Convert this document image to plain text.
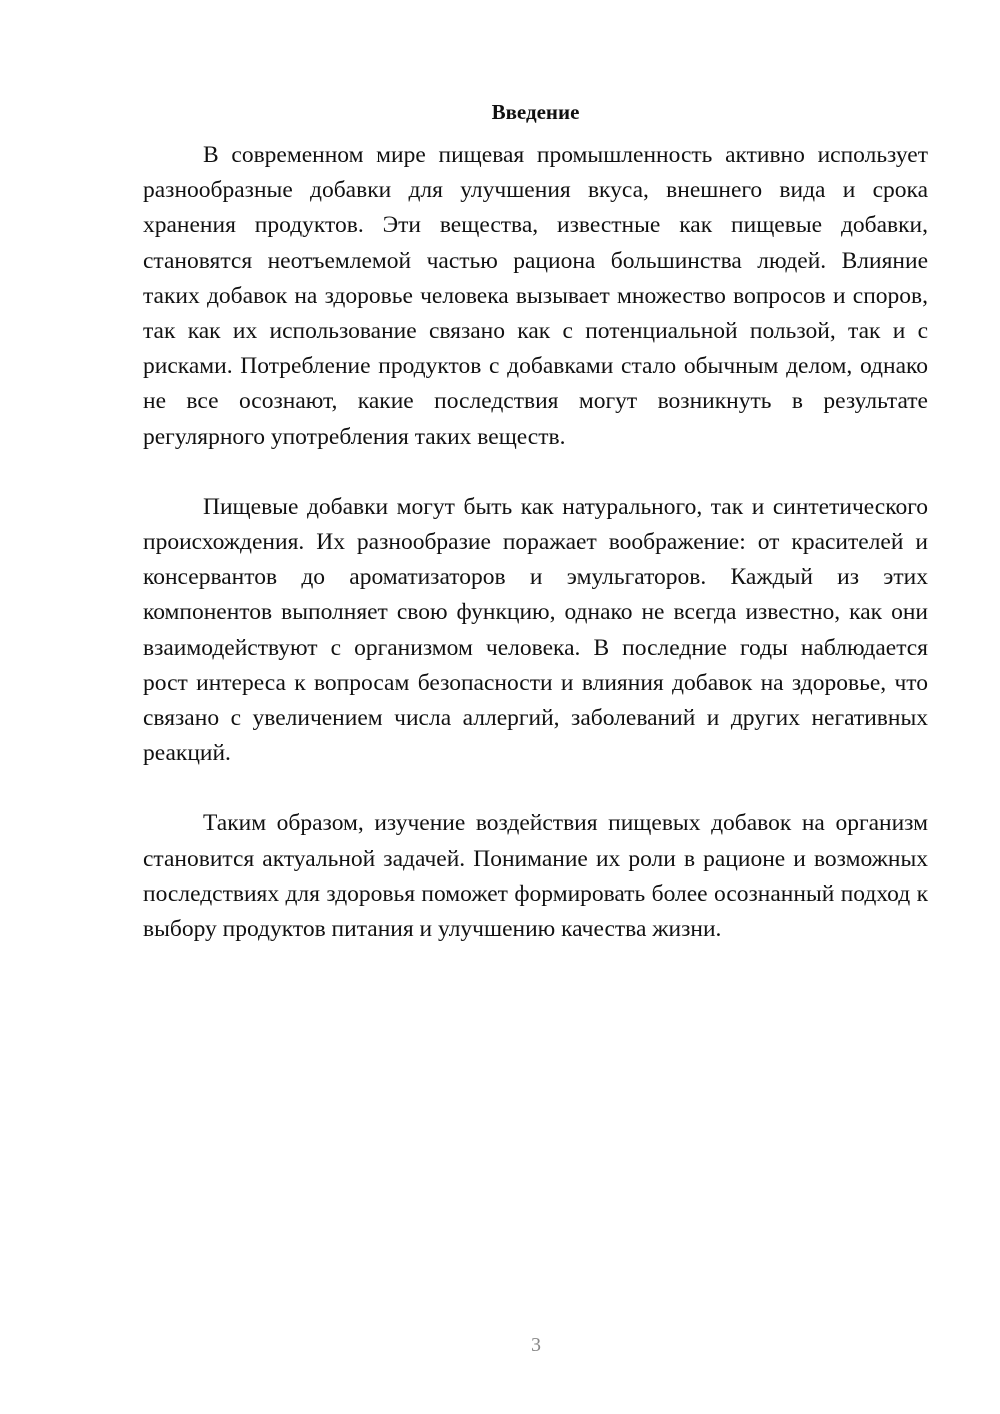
Введение

В современном мире пищевая промышленность активно использует разнообразные добавки для улучшения вкуса, внешнего вида и срока хранения продуктов. Эти вещества, известные как пищевые добавки, становятся неотъемлемой частью рациона большинства людей. Влияние таких добавок на здоровье человека вызывает множество вопросов и споров, так как их использование связано как с потенциальной пользой, так и с рисками. Потребление продуктов с добавками стало обычным делом, однако не все осознают, какие последствия могут возникнуть в результате регулярного употребления таких веществ.

Пищевые добавки могут быть как натурального, так и синтетического происхождения. Их разнообразие поражает воображение: от красителей и консервантов до ароматизаторов и эмульгаторов. Каждый из этих компонентов выполняет свою функцию, однако не всегда известно, как они взаимодействуют с организмом человека. В последние годы наблюдается рост интереса к вопросам безопасности и влияния добавок на здоровье, что связано с увеличением числа аллергий, заболеваний и других негативных реакций.

Таким образом, изучение воздействия пищевых добавок на организм становится актуальной задачей. Понимание их роли в рационе и возможных последствиях для здоровья поможет формировать более осознанный подход к выбору продуктов питания и улучшению качества жизни.

3
